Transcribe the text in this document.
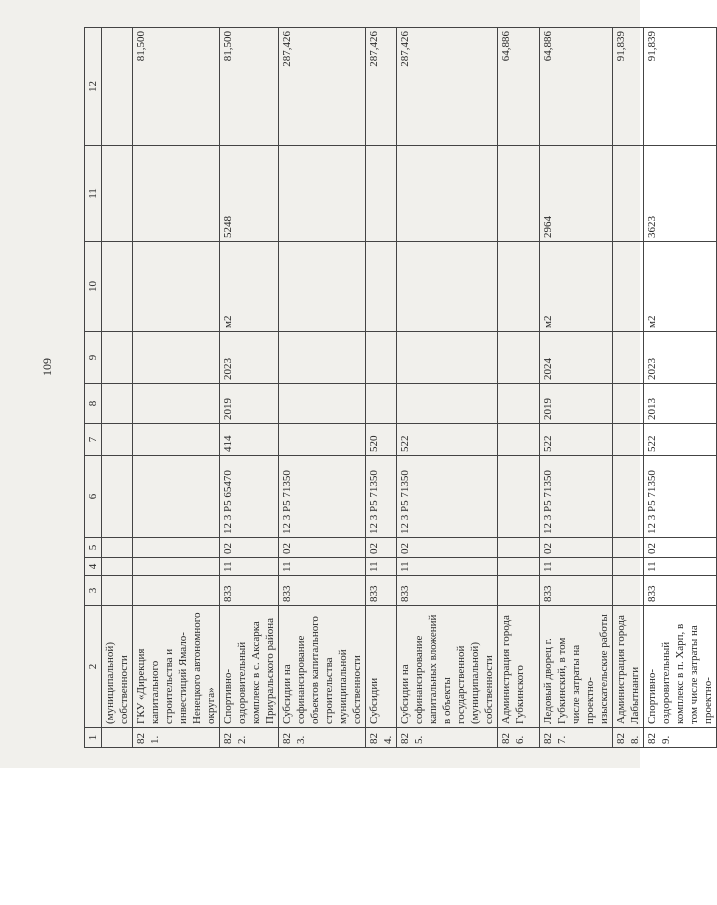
109
1	2	3	4	5	6	7	8	9	10	11	12
	(муниципальной) собственности										
821.	ГКУ «Дирекция капитального строительства и инвестиций Ямало-Ненецкого автономного округа»										81,500
822.	Спортивно-оздоровительный комплекс в с. Аксарка Приуральского района	833	11	02	12 3 P5 65470	414	2019	2023	м2	5248	81,500
823.	Субсидии на софинансирование объектов капитального строительства муниципальной собственности	833	11	02	12 3 P5 71350						287,426
824.	Субсидии	833	11	02	12 3 P5 71350	520					287,426
825.	Субсидии на софинансирование капитальных вложений в объекты государственной (муниципальной) собственности	833	11	02	12 3 P5 71350	522					287,426
826.	Администрация города Губкинского										64,886
827.	Ледовый дворец г. Губкинский, в том числе затраты на проектно-изыскательские работы	833	11	02	12 3 P5 71350	522	2019	2024	м2	2964	64,886
828.	Администрация города Лабытнанги										91,839
829.	Спортивно-оздоровительный комплекс в п. Харп, в том числе затраты на проектно-	833	11	02	12 3 P5 71350	522	2013	2023	м2	3623	91,839
